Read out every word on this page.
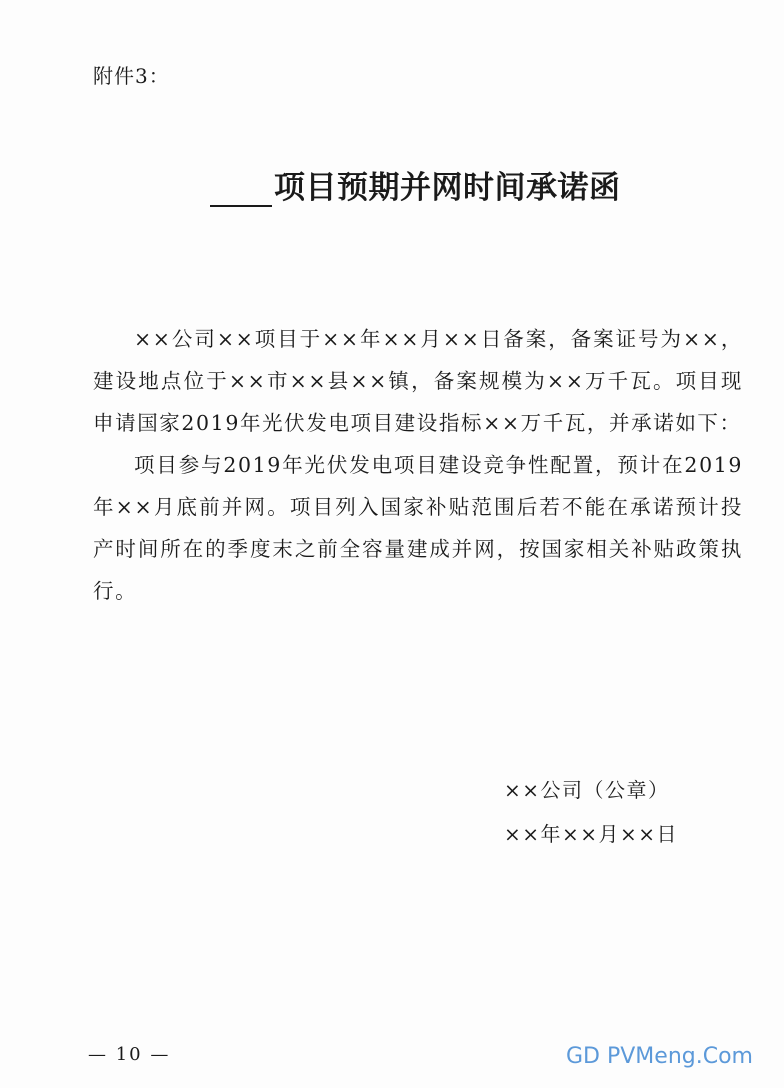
附件3：
项目预期并网时间承诺函

××公司××项目于××年××月××日备案，备案证号为××，建设地点位于××市××县××镇，备案规模为××万千瓦。项目现申请国家2019年光伏发电项目建设指标××万千瓦，并承诺如下：

项目参与2019年光伏发电项目建设竞争性配置，预计在2019年××月底前并网。项目列入国家补贴范围后若不能在承诺预计投产时间所在的季度末之前全容量建成并网，按国家相关补贴政策执行。

××公司（公章）
××年××月××日
— 10 —	GD PVMeng.Com
